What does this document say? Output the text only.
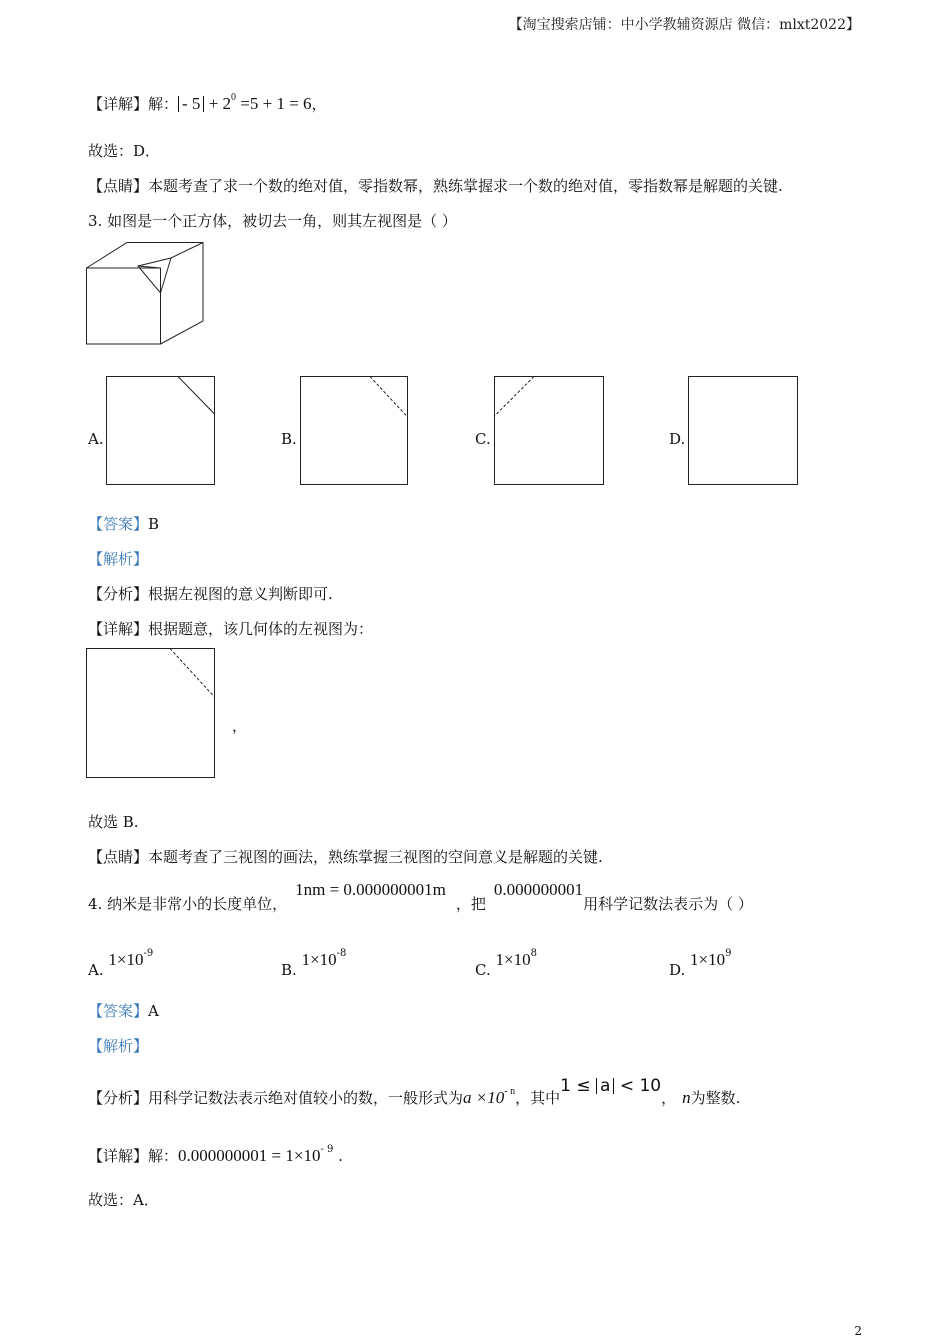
【淘宝搜索店铺：中小学教辅资源店 微信：mlxt2022】
【详解】解： - $5 + 2^0 =5 + 1 = 6$，
故选：D．
【点睛】本题考查了求一个数的绝对值，零指数幂，熟练掌握求一个数的绝对值，零指数幂是解题的关键.
3. 如图是一个正方体，被切去一角，则其左视图是（ ）
A.	B.	C.	D.
【答案】B
【解析】
【分析】根据左视图的意义判断即可.
【详解】根据题意，该几何体的左视图为：
，
故选 B.
【点睛】本题考查了三视图的画法，熟练掌握三视图的空间意义是解题的关键.
4. 纳米是非常小的长度单位，1nm = 0.000000001m，把0.000000001用科学记数法表示为（ ）
A. $1\times 10^{-9}$
B. $1\times 10^{-8}$
C. $1\times 10^8$
D. $1\times 10^9$
【答案】A
【解析】
【分析】用科学记数法表示绝对值较小的数，一般形式为$a \times 10^{- n}$，其中1 ≤ a < 10， n为整数.
【详解】解：$0.000000001 = 1\times 10^{- 9}$ .
故选：A．
2
